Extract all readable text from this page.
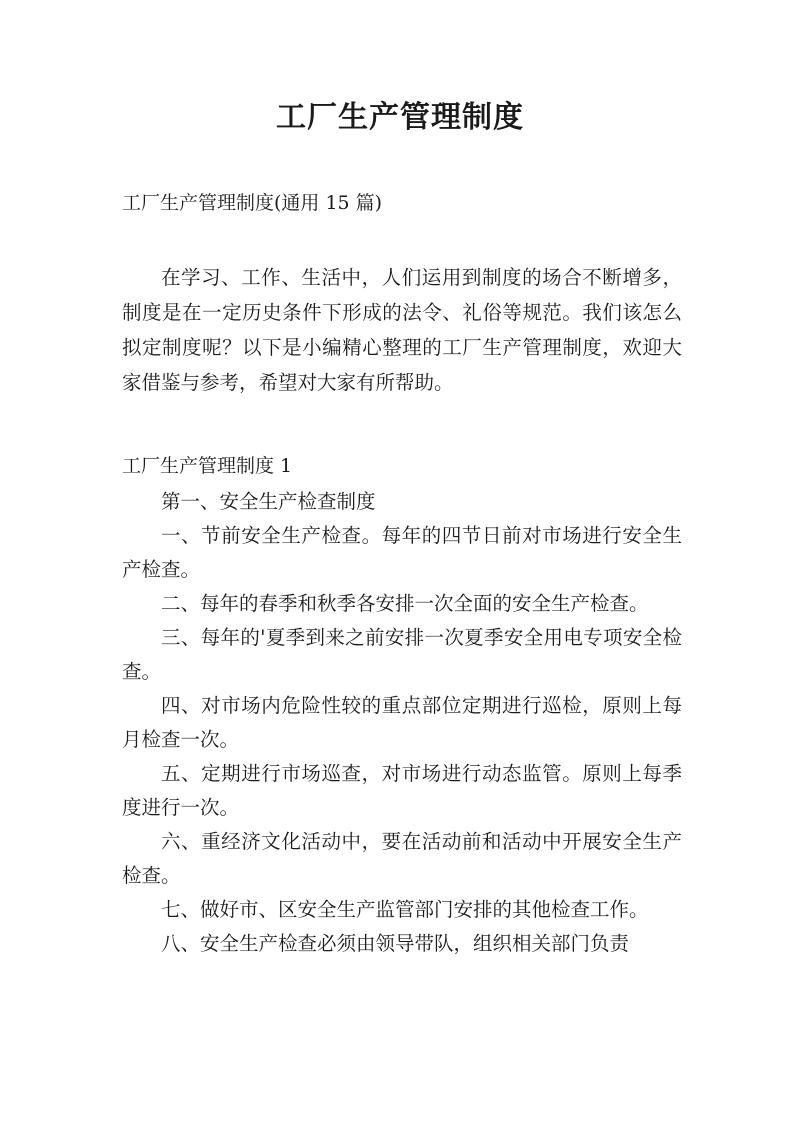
工厂生产管理制度
工厂生产管理制度(通用 15 篇)

在学习、工作、生活中，人们运用到制度的场合不断增多，制度是在一定历史条件下形成的法令、礼俗等规范。我们该怎么拟定制度呢？以下是小编精心整理的工厂生产管理制度，欢迎大家借鉴与参考，希望对大家有所帮助。

工厂生产管理制度 1

第一、安全生产检查制度

一、节前安全生产检查。每年的四节日前对市场进行安全生产检查。

二、每年的春季和秋季各安排一次全面的安全生产检查。

三、每年的'夏季到来之前安排一次夏季安全用电专项安全检查。

四、对市场内危险性较的重点部位定期进行巡检，原则上每月检查一次。

五、定期进行市场巡查，对市场进行动态监管。原则上每季度进行一次。

六、重经济文化活动中，要在活动前和活动中开展安全生产检查。

七、做好市、区安全生产监管部门安排的其他检查工作。

八、安全生产检查必须由领导带队，组织相关部门负责
